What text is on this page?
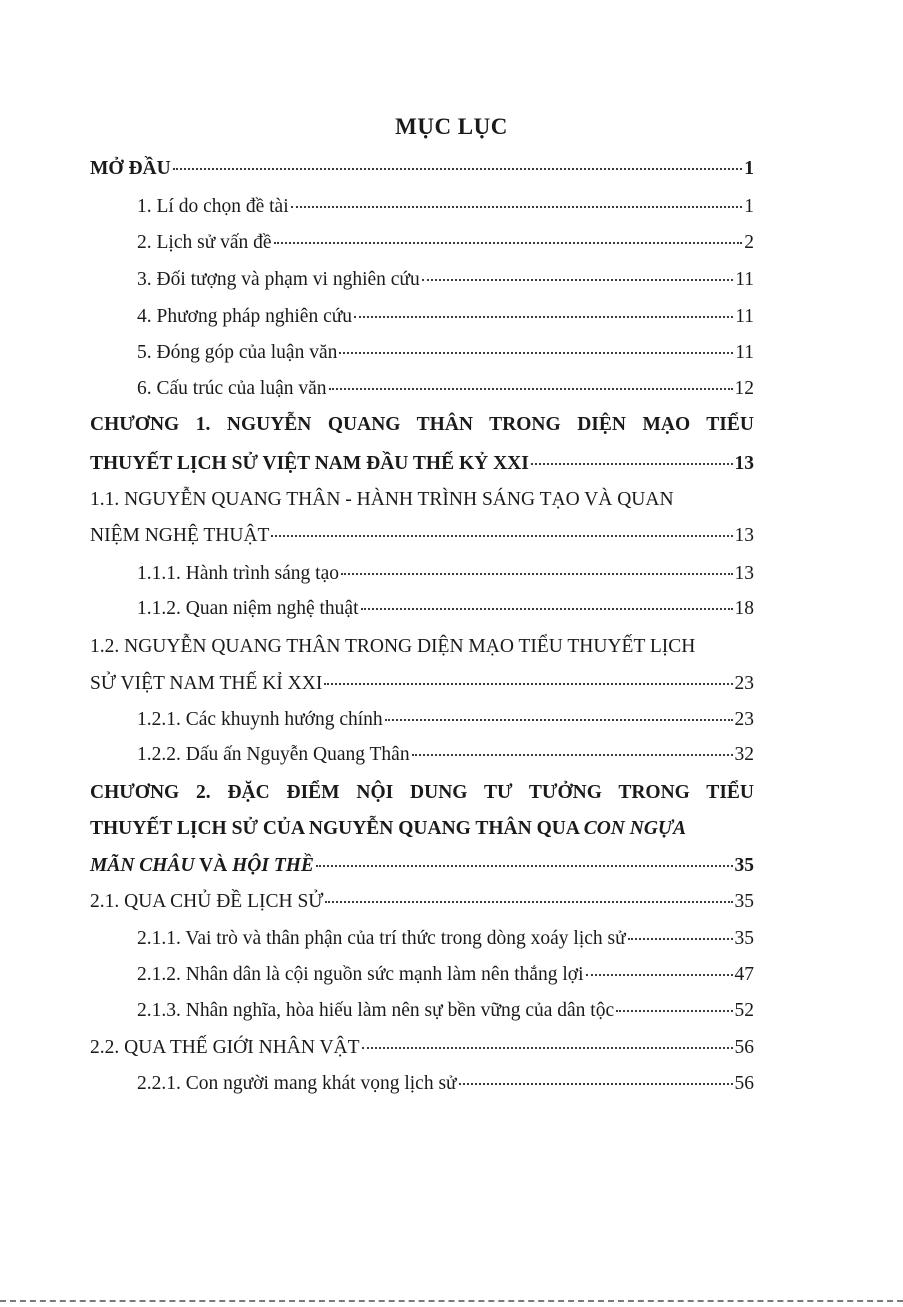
MỤC LỤC
MỞ ĐẦU	1
1. Lí do chọn đề tài	1
2. Lịch sử vấn đề	2
3. Đối tượng và phạm vi nghiên cứu	11
4. Phương pháp nghiên cứu	11
5. Đóng góp của luận văn	11
6. Cấu trúc của luận văn	12
CHƯƠNG 1. NGUYỄN QUANG THÂN TRONG DIỆN MẠO TIỂU
THUYẾT LỊCH SỬ VIỆT NAM ĐẦU THẾ KỶ XXI	13
1.1. NGUYỄN QUANG THÂN - HÀNH TRÌNH SÁNG TẠO VÀ QUAN
NIỆM NGHỆ THUẬT	13
1.1.1. Hành trình sáng tạo	13
1.1.2. Quan niệm nghệ thuật	18
1.2. NGUYỄN QUANG THÂN TRONG DIỆN MẠO TIỂU THUYẾT LỊCH
SỬ VIỆT NAM THẾ KỈ XXI	23
1.2.1. Các khuynh hướng chính	23
1.2.2. Dấu ấn Nguyễn Quang Thân	32
CHƯƠNG 2. ĐẶC ĐIỂM NỘI DUNG TƯ TƯỞNG TRONG TIỂU
THUYẾT LỊCH SỬ CỦA NGUYỄN QUANG THÂN QUA CON NGỰA
MÃN CHÂU VÀ HỘI THỀ	35
2.1. QUA CHỦ ĐỀ LỊCH SỬ	35
2.1.1. Vai trò và thân phận của trí thức trong dòng xoáy lịch sử	35
2.1.2. Nhân dân là cội nguồn sức mạnh làm nên thắng lợi	47
2.1.3. Nhân nghĩa, hòa hiếu làm nên sự bền vững của dân tộc	52
2.2. QUA THẾ GIỚI NHÂN VẬT	56
2.2.1. Con người mang khát vọng lịch sử	56
